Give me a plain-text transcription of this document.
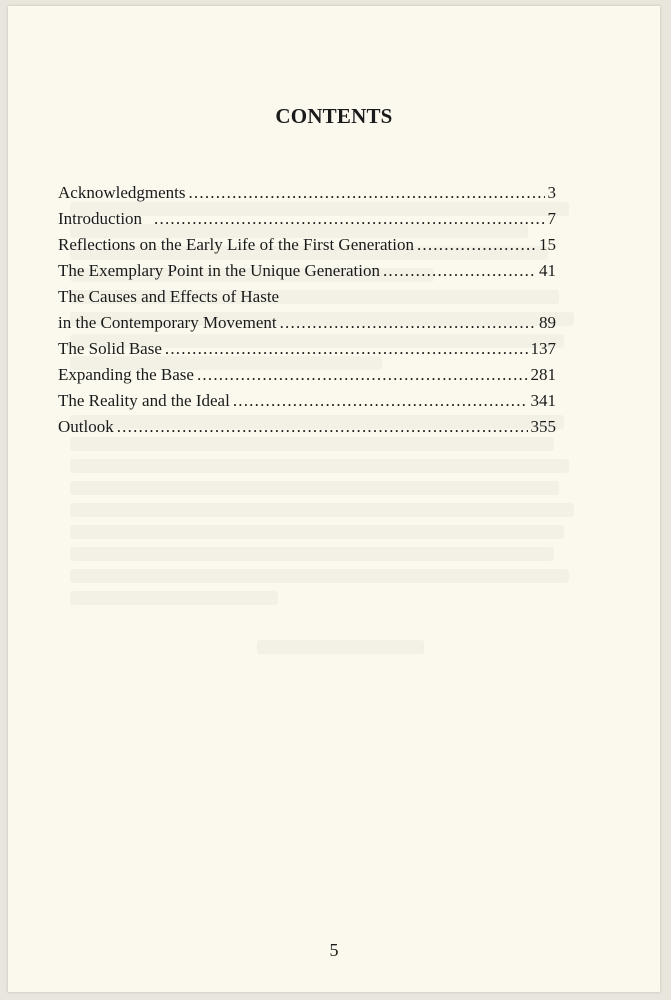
CONTENTS
Acknowledgments .....	3
Introduction .....	7
Reflections on the Early Life of the First Generation .....	15
The Exemplary Point in the Unique Generation .....	41
The Causes and Effects of Haste
in the Contemporary Movement .....	89
The Solid Base .....	137
Expanding the Base .....	281
The Reality and the Ideal .....	341
Outlook .....	355
5
